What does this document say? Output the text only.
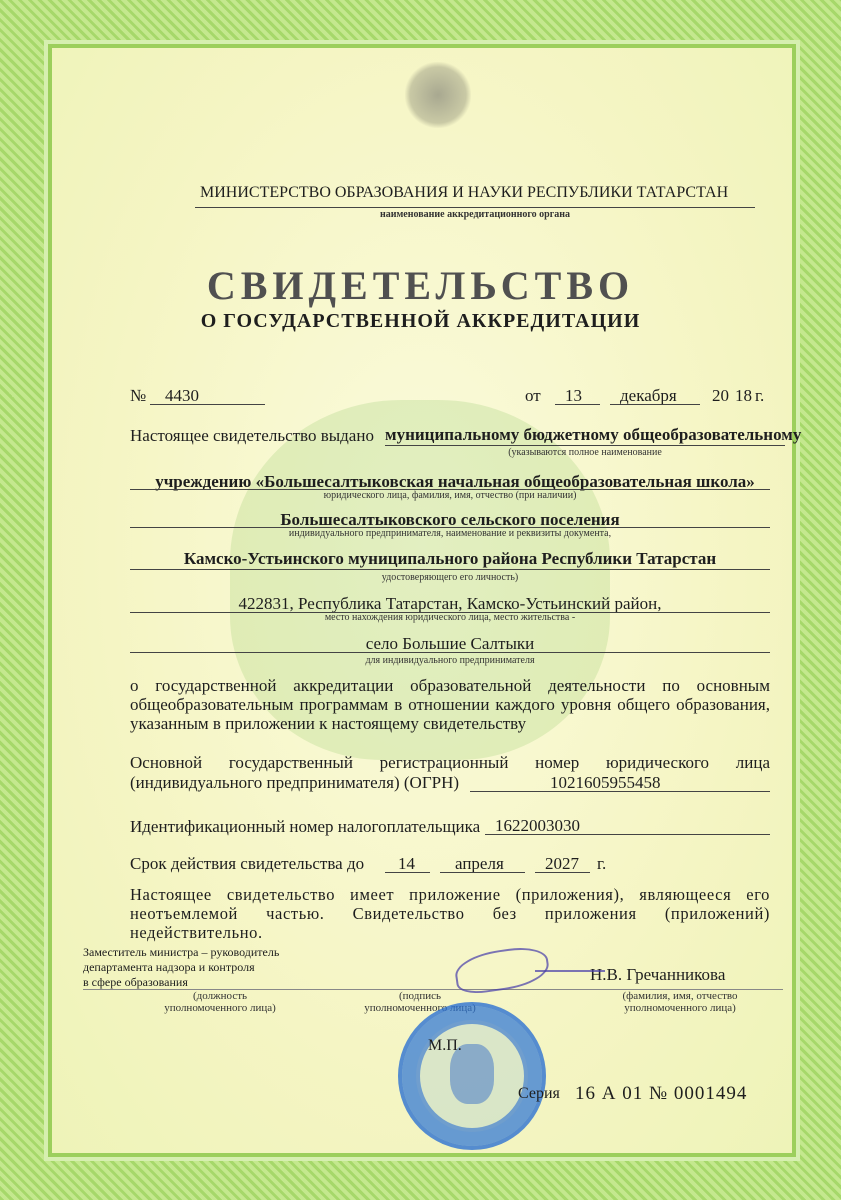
МИНИСТЕРСТВО ОБРАЗОВАНИЯ И НАУКИ РЕСПУБЛИКИ ТАТАРСТАН
наименование аккредитационного органа
СВИДЕТЕЛЬСТВО
О ГОСУДАРСТВЕННОЙ АККРЕДИТАЦИИ
№ 4430	от 13 декабря 20 18 г.
Настоящее свидетельство выдано муниципальному бюджетному общеобразовательному
(указываются полное наименование
учреждению «Большесалтыковская начальная общеобразовательная школа»
юридического лица, фамилия, имя, отчество (при наличии)
Большесалтыковского сельского поселения
индивидуального предпринимателя, наименование и реквизиты документа,
Камско-Устьинского муниципального района Республики Татарстан
удостоверяющего его личность)
422831, Республика Татарстан, Камско-Устьинский район,
место нахождения юридического лица, место жительства -
село Большие Салтыки
для индивидуального предпринимателя
о государственной аккредитации образовательной деятельности по основным общеобразовательным программам в отношении каждого уровня общего образования, указанным в приложении к настоящему свидетельству
Основной государственный регистрационный номер юридического лица
(индивидуального предпринимателя) (ОГРН)	1021605955458
Идентификационный номер налогоплательщика 1622003030
Срок действия свидетельства до 14 апреля 2027 г.
Настоящее свидетельство имеет приложение (приложения), являющееся его неотъемлемой частью. Свидетельство без приложения (приложений) недействительно.
Заместитель министра – руководитель
департамента надзора и контроля
в сфере образования
(должность
уполномоченного лица)
(подпись
уполномоченного лица)
Н.В. Гречанникова
(фамилия, имя, отчество
уполномоченного лица)
М.П.
Серия 16 А 01 № 0001494
